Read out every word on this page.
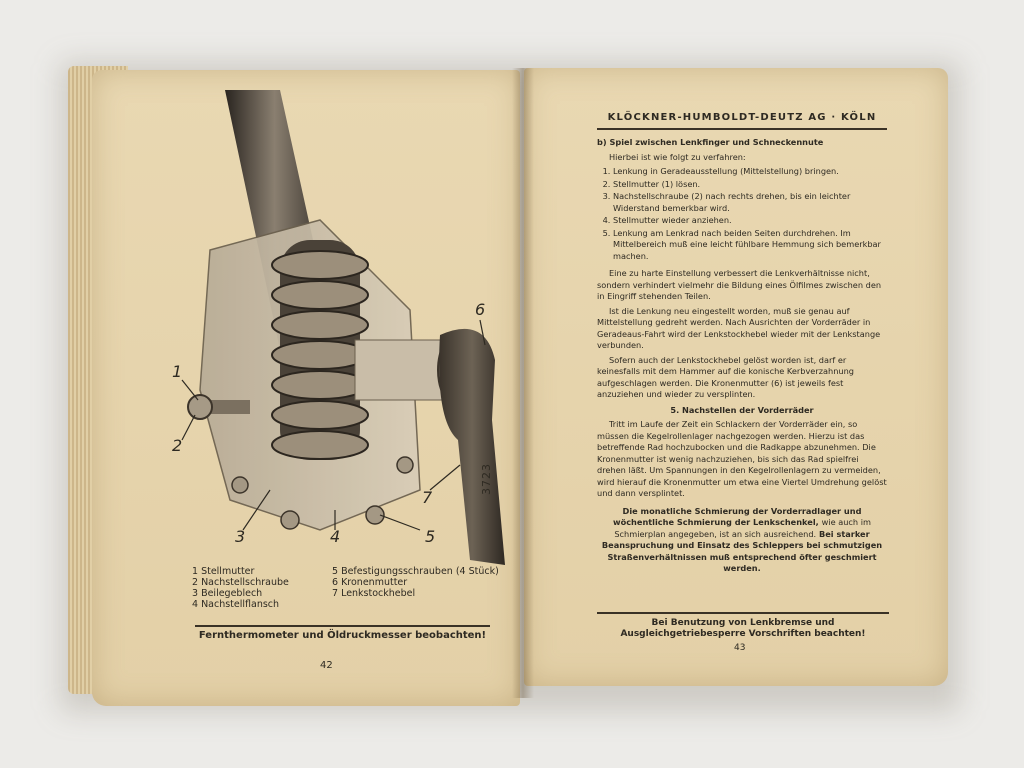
1
2
3	4	5
6
7
3723
1 Stellmutter
2 Nachstellschraube
3 Beilegeblech
4 Nachstellflansch
5 Befestigungsschrauben (4 Stück)
6 Kronenmutter
7 Lenkstockhebel
Fernthermometer und Öldruckmesser beobachten!
42
KLÖCKNER-HUMBOLDT-DEUTZ AG · KÖLN

b) Spiel zwischen Lenkfinger und Schneckennute

Hierbei ist wie folgt zu verfahren:

1. Lenkung in Geradeausstellung (Mittelstellung) bringen.
2. Stellmutter (1) lösen.
3. Nachstellschraube (2) nach rechts drehen, bis ein leichter Widerstand bemerkbar wird.
4. Stellmutter wieder anziehen.
5. Lenkung am Lenkrad nach beiden Seiten durchdrehen. Im Mittelbereich muß eine leicht fühlbare Hemmung sich bemerkbar machen.

Eine zu harte Einstellung verbessert die Lenkverhältnisse nicht, sondern verhindert vielmehr die Bildung eines Ölfilmes zwischen den in Eingriff stehenden Teilen.

Ist die Lenkung neu eingestellt worden, muß sie genau auf Mittelstellung gedreht werden. Nach Ausrichten der Vorderräder in Geradeaus-Fahrt wird der Lenkstockhebel wieder mit der Lenkstange verbunden.

Sofern auch der Lenkstockhebel gelöst worden ist, darf er keinesfalls mit dem Hammer auf die konische Kerbverzahnung aufgeschlagen werden. Die Kronenmutter (6) ist jeweils fest anzuziehen und wieder zu versplinten.

5. Nachstellen der Vorderräder

Tritt im Laufe der Zeit ein Schlackern der Vorderräder ein, so müssen die Kegelrollenlager nachgezogen werden. Hierzu ist das betreffende Rad hochzubocken und die Radkappe abzunehmen. Die Kronenmutter ist wenig nachzuziehen, bis sich das Rad spielfrei drehen läßt. Um Spannungen in den Kegelrollenlagern zu vermeiden, wird hierauf die Kronenmutter um etwa eine Viertel Umdrehung gelöst und dann versplintet.

Die monatliche Schmierung der Vorderradlager und wöchentliche Schmierung der Lenkschenkel, wie auch im Schmierplan angegeben, ist an sich ausreichend. Bei starker Beanspruchung und Einsatz des Schleppers bei schmutzigen Straßenverhältnissen muß entsprechend öfter geschmiert werden.

Bei Benutzung von Lenkbremse und Ausgleichgetriebesperre Vorschriften beachten!
43
